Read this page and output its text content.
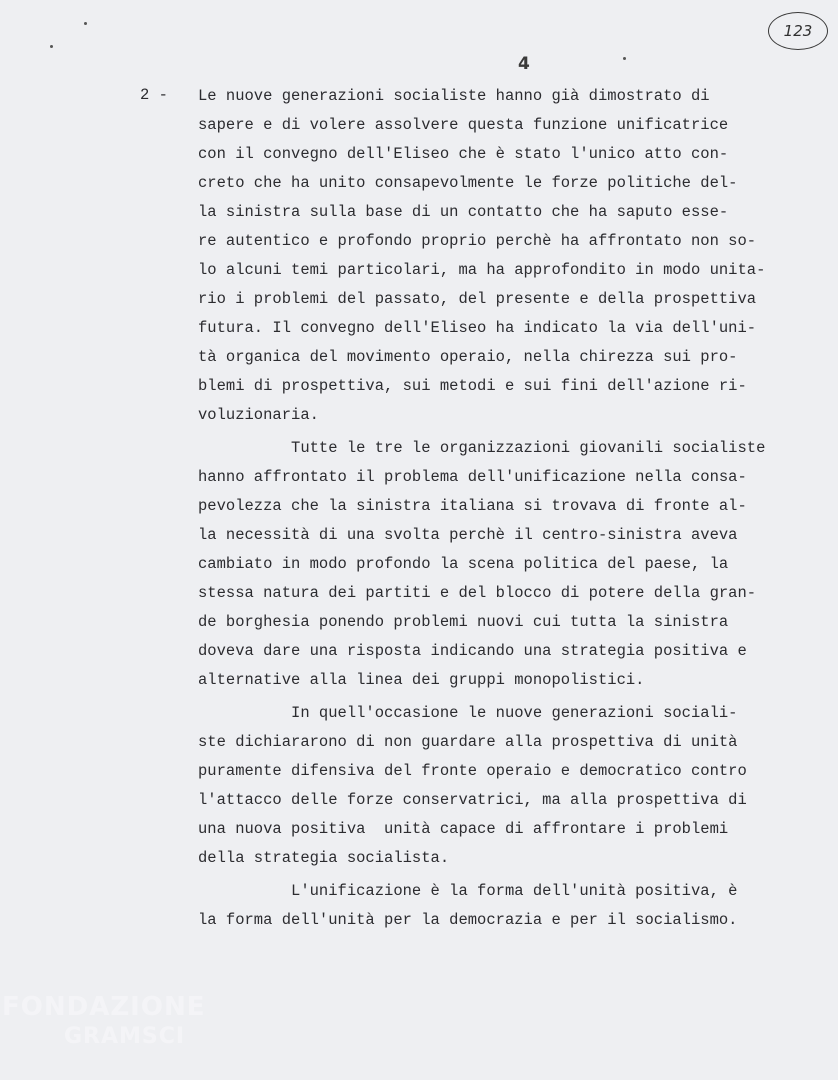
123
4
2 - Le nuove generazioni socialiste hanno già dimostrato di
sapere e di volere assolvere questa funzione unificatrice
con il convegno dell'Eliseo che è stato l'unico atto con-
creto che ha unito consapevolmente le forze politiche del-
la sinistra sulla base di un contatto che ha saputo esse-
re autentico e profondo proprio perchè ha affrontato non so-
lo alcuni temi particolari, ma ha approfondito in modo unita-
rio i problemi del passato, del presente e della prospettiva
futura. Il convegno dell'Eliseo ha indicato la via dell'uni-
tà organica del movimento operaio, nella chirezza sui pro-
blemi di prospettiva, sui metodi e sui fini dell'azione ri-
voluzionaria.
Tutte le tre le organizzazioni giovanili socialiste
hanno affrontato il problema dell'unificazione nella consa-
pevolezza che la sinistra italiana si trovava di fronte al-
la necessità di una svolta perchè il centro-sinistra aveva
cambiato in modo profondo la scena politica del paese, la
stessa natura dei partiti e del blocco di potere della gran-
de borghesia ponendo problemi nuovi cui tutta la sinistra
doveva dare una risposta indicando una strategia positiva e
alternative alla linea dei gruppi monopolistici.
In quell'occasione le nuove generazioni sociali-
ste dichiararono di non guardare alla prospettiva di unità
puramente difensiva del fronte operaio e democratico contro
l'attacco delle forze conservatrici, ma alla prospettiva di
una nuova positiva  unità capace di affrontare i problemi
della strategia socialista.
L'unificazione è la forma dell'unità positiva, è
la forma dell'unità per la democrazia e per il socialismo.
FONDAZIONE
GRAMSCI
